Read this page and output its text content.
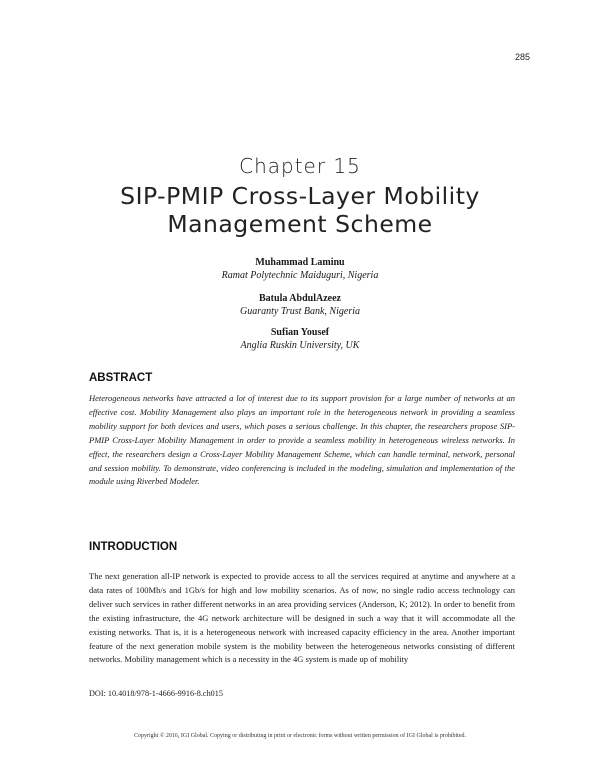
285
Chapter 15
SIP-PMIP Cross-Layer Mobility Management Scheme
Muhammad Laminu
Ramat Polytechnic Maiduguri, Nigeria
Batula AbdulAzeez
Guaranty Trust Bank, Nigeria
Sufian Yousef
Anglia Ruskin University, UK
ABSTRACT
Heterogeneous networks have attracted a lot of interest due to its support provision for a large number of networks at an effective cost. Mobility Management also plays an important role in the heterogeneous network in providing a seamless mobility support for both devices and users, which poses a serious challenge. In this chapter, the researchers propose SIP-PMIP Cross-Layer Mobility Management in order to provide a seamless mobility in heterogeneous wireless networks. In effect, the researchers design a Cross-Layer Mobility Management Scheme, which can handle terminal, network, personal and session mobility. To demonstrate, video conferencing is included in the modeling, simulation and implementation of the module using Riverbed Modeler.
INTRODUCTION
The next generation all-IP network is expected to provide access to all the services required at anytime and anywhere at a data rates of 100Mb/s and 1Gb/s for high and low mobility scenarios. As of now, no single radio access technology can deliver such services in rather different networks in an area providing services (Anderson, K; 2012). In order to benefit from the existing infrastructure, the 4G network architecture will be designed in such a way that it will accommodate all the existing networks. That is, it is a heterogeneous network with increased capacity efficiency in the area. Another important feature of the next generation mobile system is the mobility between the heterogeneous networks consisting of different networks. Mobility management which is a necessity in the 4G system is made up of mobility
DOI: 10.4018/978-1-4666-9916-8.ch015
Copyright © 2016, IGI Global. Copying or distributing in print or electronic forms without written permission of IGI Global is prohibited.
